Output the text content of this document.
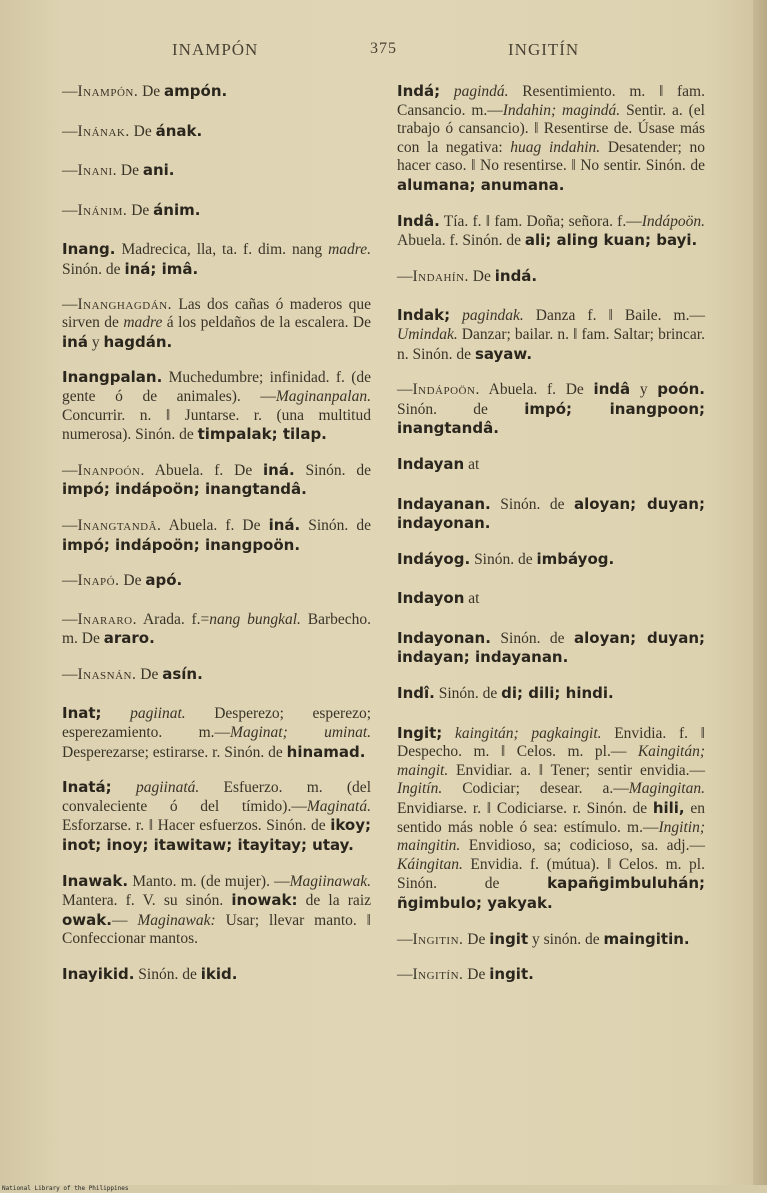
INAMPÓN	375	INGITÍN

—Inampón. De ampón.

—Inának. De ának.

—Inani. De ani.

—Inánim. De ánim.

Inang. Madrecica, lla, ta. f. dim. nang madre. Sinón. de iná; imâ.

—Inanghagdán. Las dos cañas ó maderos que sirven de madre á los peldaños de la escalera. De iná y hagdán.

Inangpalan. Muchedumbre; infinidad. f. (de gente ó de animales). —Maginanpalan. Concurrir. n. ‖ Juntarse. r. (una multitud numerosa). Sinón. de timpalak; tilap.

—Inanpoón. Abuela. f. De iná. Sinón. de impó; indápoön; inangtandâ.

—Inangtandâ. Abuela. f. De iná. Sinón. de impó; indápoön; inangpoön.

—Inapó. De apó.

—Inararo. Arada. f.=nang bungkal. Barbecho. m. De araro.

—Inasnán. De asín.

Inat; pagiinat. Desperezo; esperezo; esperezamiento. m.—Maginat; uminat. Desperezarse; estirarse. r. Sinón. de hinamad.

Inatá; pagiinatá. Esfuerzo. m. (del convaleciente ó del tímido).—Maginatá. Esforzarse. r. ‖ Hacer esfuerzos. Sinón. de ikoy; inot; inoy; itawitaw; itayitay; utay.

Inawak. Manto. m. (de mujer). —Magiinawak. Mantera. f. V. su sinón. inowak: de la raiz owak.— Maginawak: Usar; llevar manto. ‖ Confeccionar mantos.

Inayikid. Sinón. de ikid.

Indá; pagindá. Resentimiento. m. ‖ fam. Cansancio. m.—Indahin; magindá. Sentir. a. (el trabajo ó cansancio). ‖ Resentirse de. Úsase más con la negativa: huag indahin. Desatender; no hacer caso. ‖ No resentirse. ‖ No sentir. Sinón. de alumana; anumana.

Indâ. Tía. f. ‖ fam. Doña; señora. f.—Indápoön. Abuela. f. Sinón. de ali; aling kuan; bayi.

—Indahín. De indá.

Indak; pagindak. Danza f. ‖ Baile. m.—Umindak. Danzar; bailar. n. ‖ fam. Saltar; brincar. n. Sinón. de sayaw.

—Indápoön. Abuela. f. De indâ y poón. Sinón. de impó; inangpoon; inangtandâ.

Indayan at

Indayanan. Sinón. de aloyan; duyan; indayonan.

Indáyog. Sinón. de imbáyog.

Indayon at

Indayonan. Sinón. de aloyan; duyan; indayan; indayanan.

Indî. Sinón. de di; dili; hindi.

Ingit; kaingitán; pagkaingit. Envidia. f. ‖ Despecho. m. ‖ Celos. m. pl.— Kaingitán; maingit. Envidiar. a. ‖ Tener; sentir envidia.—Ingitín. Codiciar; desear. a.—Magingitan. Envidiarse. r. ‖ Codiciarse. r. Sinón. de hili, en sentido más noble ó sea: estímulo. m.—Ingitin; maingitin. Envidioso, sa; codicioso, sa. adj.—Káingitan. Envidia. f. (mútua). ‖ Celos. m. pl. Sinón. de kapañgimbuluhán; ñgimbulo; yakyak.

—Ingitin. De ingit y sinón. de maingitin.

—Ingitín. De ingit.

National Library of the Philippines
